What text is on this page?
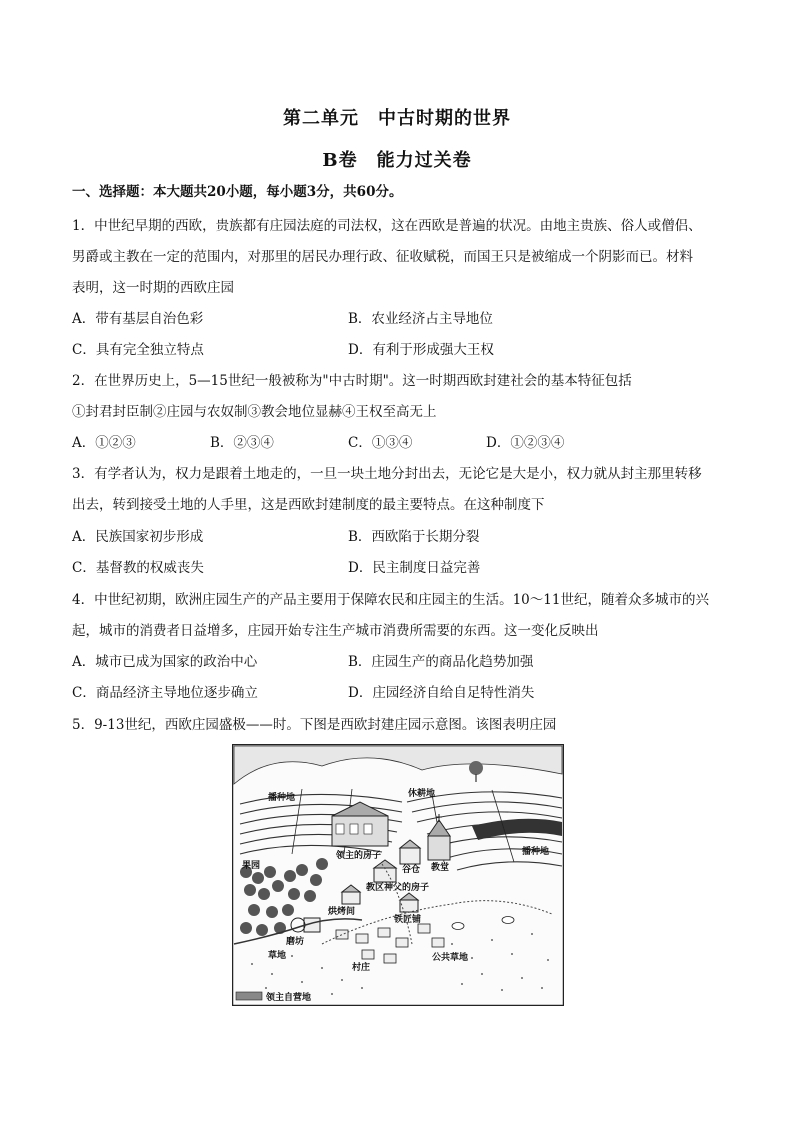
第二单元　中古时期的世界
B卷　能力过关卷
一、选择题：本大题共20小题，每小题3分，共60分。
1．中世纪早期的西欧，贵族都有庄园法庭的司法权，这在西欧是普遍的状况。由地主贵族、俗人或僧侣、
男爵或主教在一定的范围内，对那里的居民办理行政、征收赋税，而国王只是被缩成一个阴影而已。材料
表明，这一时期的西欧庄园
A．带有基层自治色彩	B．农业经济占主导地位
C．具有完全独立特点	D．有利于形成强大王权
2．在世界历史上，5—15世纪一般被称为"中古时期"。这一时期西欧封建社会的基本特征包括
①封君封臣制②庄园与农奴制③教会地位显赫④王权至高无上
A．①②③	B．②③④	C．①③④	D．①②③④
3．有学者认为，权力是跟着土地走的，一旦一块土地分封出去，无论它是大是小，权力就从封主那里转移
出去，转到接受土地的人手里，这是西欧封建制度的最主要特点。在这种制度下
A．民族国家初步形成	B．西欧陷于长期分裂
C．基督教的权威丧失	D．民主制度日益完善
4．中世纪初期，欧洲庄园生产的产品主要用于保障农民和庄园主的生活。10～11世纪，随着众多城市的兴
起，城市的消费者日益增多，庄园开始专注生产城市消费所需要的东西。这一变化反映出
A．城市已成为国家的政治中心	B．庄园生产的商品化趋势加强
C．商品经济主导地位逐步确立	D．庄园经济自给自足特性消失
5．9-13世纪，西欧庄园盛极——时。下图是西欧封建庄园示意图。该图表明庄园
播种地	休耕地
播种地
领主的房子
教堂
谷仓
果园
教区神父的房子
烘烤间
铁匠铺
磨坊
村庄
草地	公共草地
领主自营地
